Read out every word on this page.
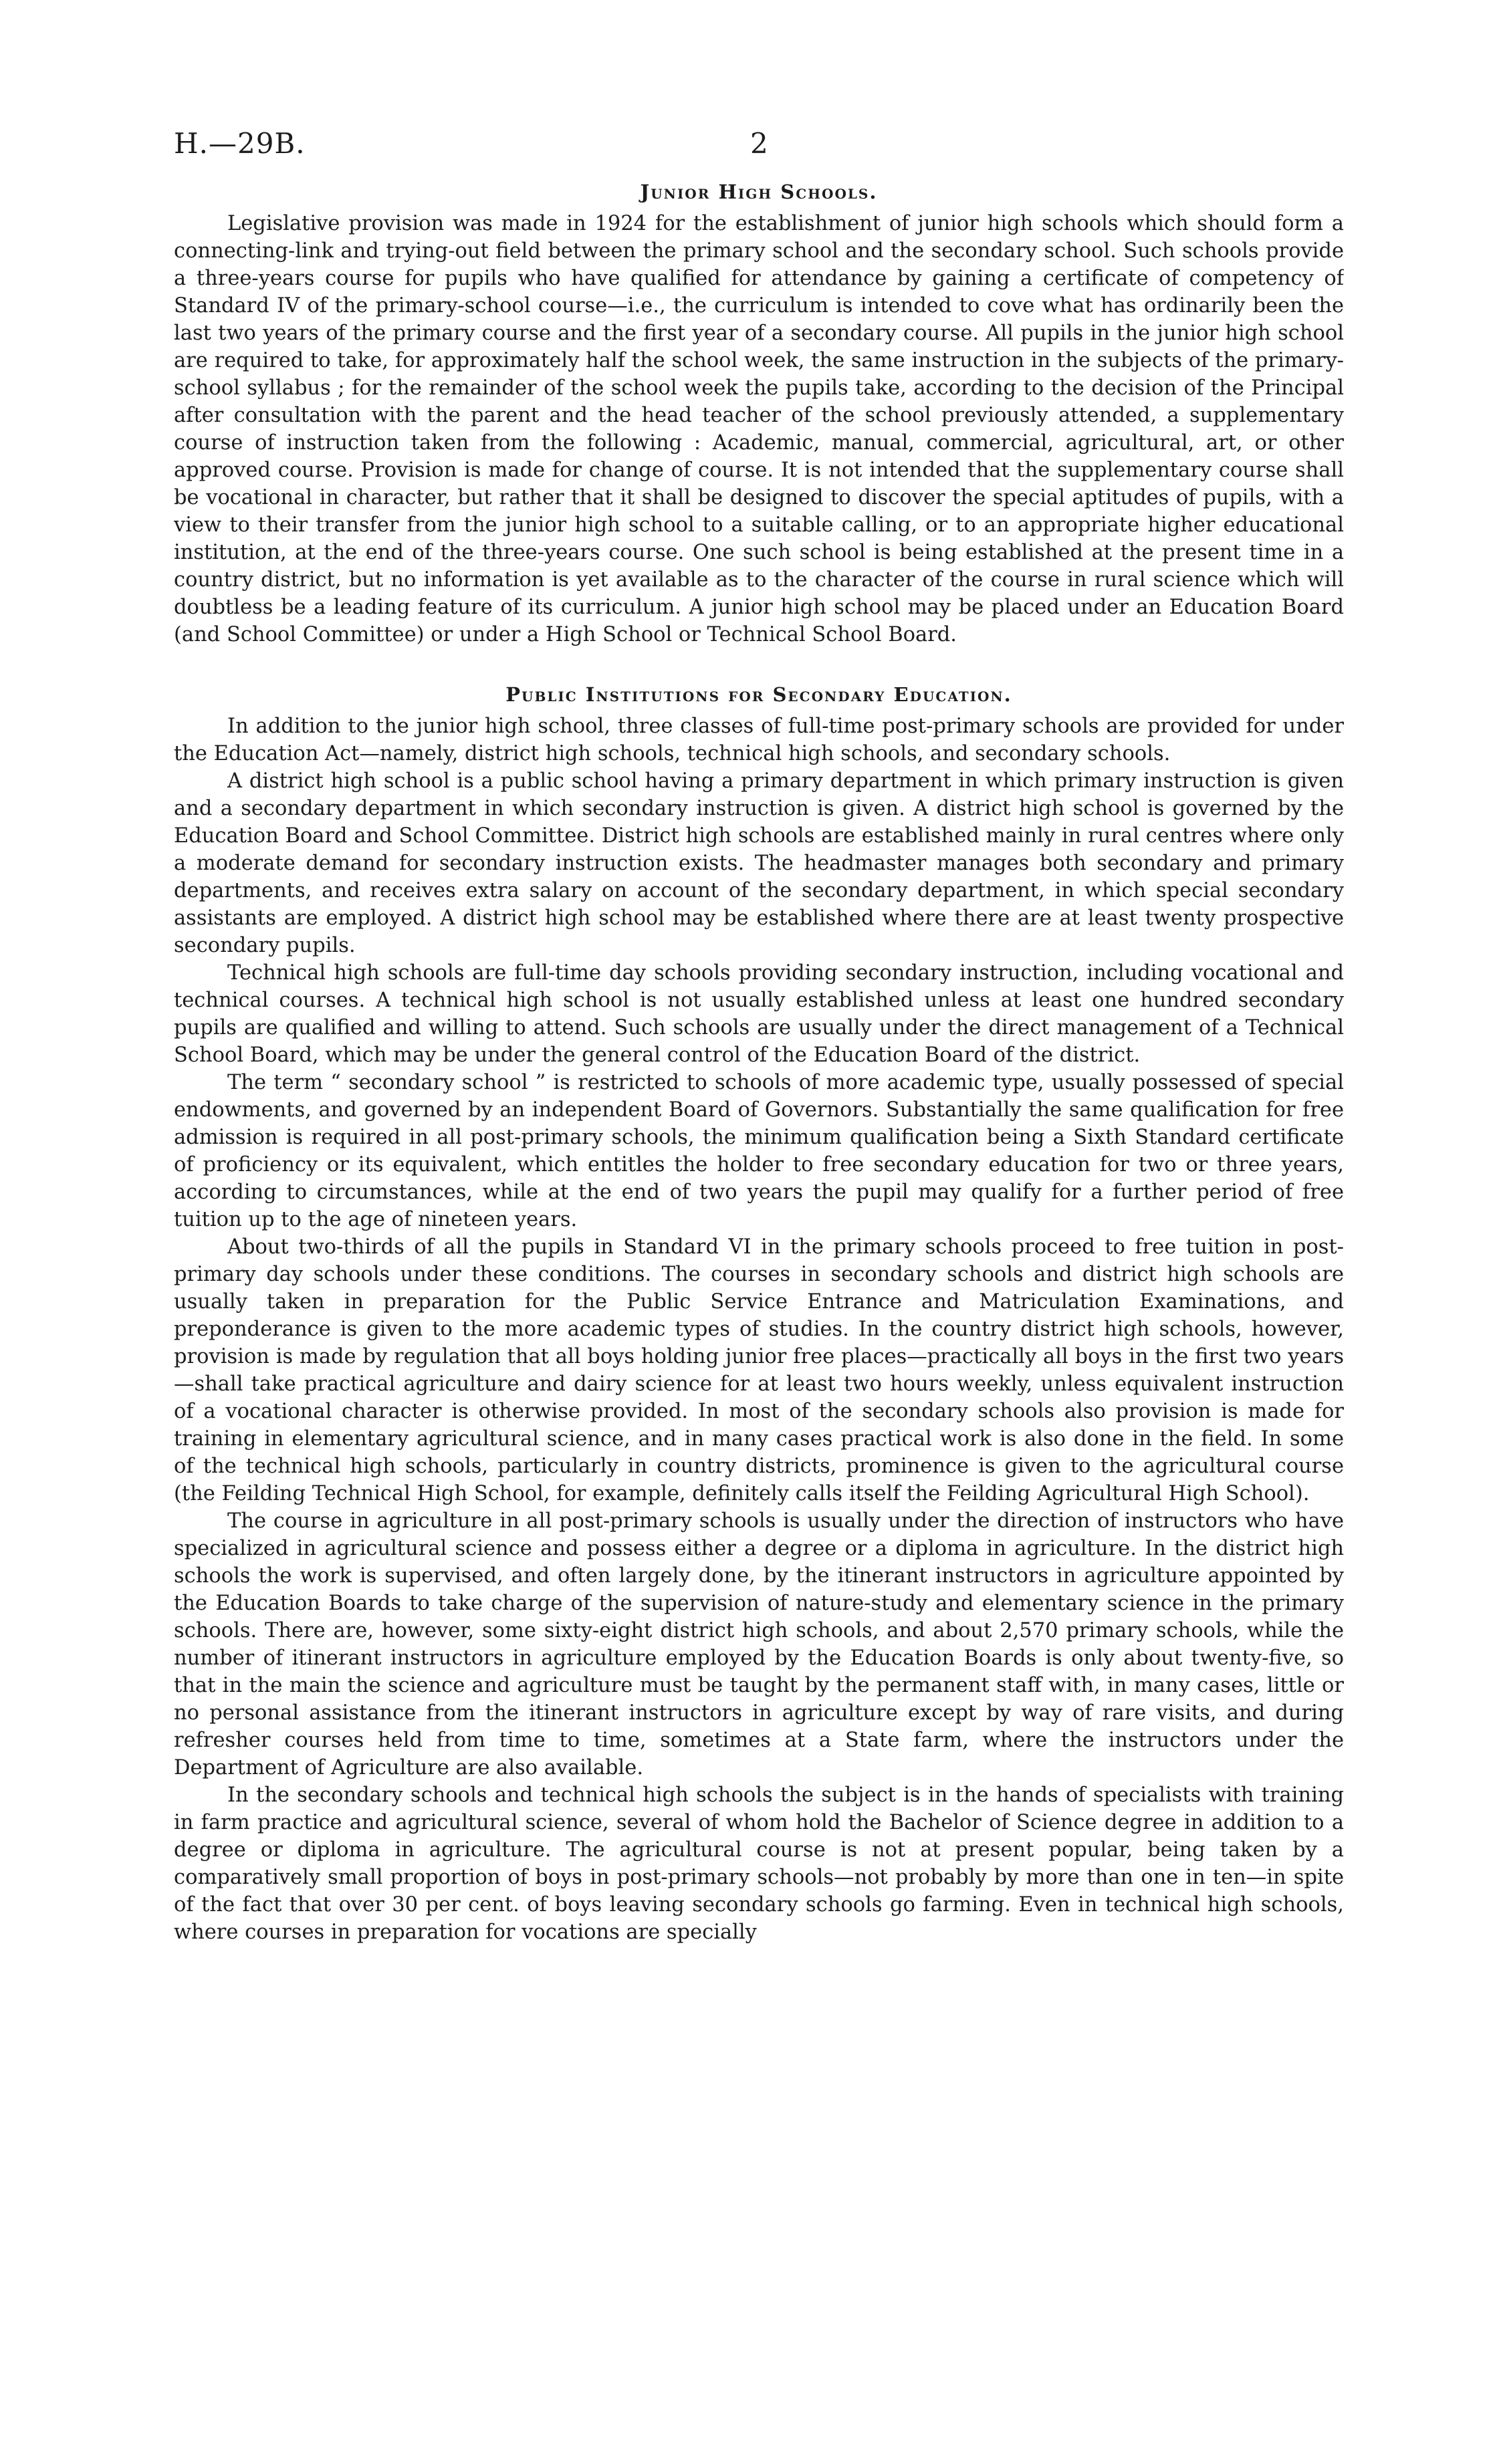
H.—29B.	2
Junior High Schools.

Legislative provision was made in 1924 for the establishment of junior high schools which should form a connecting-link and trying-out field between the primary school and the secondary school. Such schools provide a three-years course for pupils who have qualified for attendance by gaining a certificate of competency of Standard IV of the primary-school course—i.e., the curriculum is intended to cove what has ordinarily been the last two years of the primary course and the first year of a secondary course. All pupils in the junior high school are required to take, for approximately half the school week, the same instruction in the subjects of the primary-school syllabus ; for the remainder of the school week the pupils take, according to the decision of the Principal after consultation with the parent and the head teacher of the school previously attended, a supplementary course of instruction taken from the following : Academic, manual, commercial, agricultural, art, or other approved course. Provision is made for change of course. It is not intended that the supplementary course shall be vocational in character, but rather that it shall be designed to discover the special aptitudes of pupils, with a view to their transfer from the junior high school to a suitable calling, or to an appropriate higher educational institution, at the end of the three-years course. One such school is being established at the present time in a country district, but no information is yet available as to the character of the course in rural science which will doubtless be a leading feature of its curriculum. A junior high school may be placed under an Education Board (and School Committee) or under a High School or Technical School Board.

Public Institutions for Secondary Education.

In addition to the junior high school, three classes of full-time post-primary schools are provided for under the Education Act—namely, district high schools, technical high schools, and secondary schools.

A district high school is a public school having a primary department in which primary instruction is given and a secondary department in which secondary instruction is given. A district high school is governed by the Education Board and School Committee. District high schools are established mainly in rural centres where only a moderate demand for secondary instruction exists. The headmaster manages both secondary and primary departments, and receives extra salary on account of the secondary department, in which special secondary assistants are employed. A district high school may be established where there are at least twenty prospective secondary pupils.

Technical high schools are full-time day schools providing secondary instruction, including vocational and technical courses. A technical high school is not usually established unless at least one hundred secondary pupils are qualified and willing to attend. Such schools are usually under the direct management of a Technical School Board, which may be under the general control of the Education Board of the district.

The term “ secondary school ” is restricted to schools of more academic type, usually possessed of special endowments, and governed by an independent Board of Governors. Substantially the same qualification for free admission is required in all post-primary schools, the minimum qualification being a Sixth Standard certificate of proficiency or its equivalent, which entitles the holder to free secondary education for two or three years, according to circumstances, while at the end of two years the pupil may qualify for a further period of free tuition up to the age of nineteen years.

About two-thirds of all the pupils in Standard VI in the primary schools proceed to free tuition in post-primary day schools under these conditions. The courses in secondary schools and district high schools are usually taken in preparation for the Public Service Entrance and Matriculation Examinations, and preponderance is given to the more academic types of studies. In the country district high schools, however, provision is made by regulation that all boys holding junior free places—practically all boys in the first two years—shall take practical agriculture and dairy science for at least two hours weekly, unless equivalent instruction of a vocational character is otherwise provided. In most of the secondary schools also provision is made for training in elementary agricultural science, and in many cases practical work is also done in the field. In some of the technical high schools, particularly in country districts, prominence is given to the agricultural course (the Feilding Technical High School, for example, definitely calls itself the Feilding Agricultural High School).

The course in agriculture in all post-primary schools is usually under the direction of instructors who have specialized in agricultural science and possess either a degree or a diploma in agriculture. In the district high schools the work is supervised, and often largely done, by the itinerant instructors in agriculture appointed by the Education Boards to take charge of the supervision of nature-study and elementary science in the primary schools. There are, however, some sixty-eight district high schools, and about 2,570 primary schools, while the number of itinerant instructors in agriculture employed by the Education Boards is only about twenty-five, so that in the main the science and agriculture must be taught by the permanent staff with, in many cases, little or no personal assistance from the itinerant instructors in agriculture except by way of rare visits, and during refresher courses held from time to time, sometimes at a State farm, where the instructors under the Department of Agriculture are also available.

In the secondary schools and technical high schools the subject is in the hands of specialists with training in farm practice and agricultural science, several of whom hold the Bachelor of Science degree in addition to a degree or diploma in agriculture. The agricultural course is not at present popular, being taken by a comparatively small proportion of boys in post-primary schools—not probably by more than one in ten—in spite of the fact that over 30 per cent. of boys leaving secondary schools go farming. Even in technical high schools, where courses in preparation for vocations are specially
